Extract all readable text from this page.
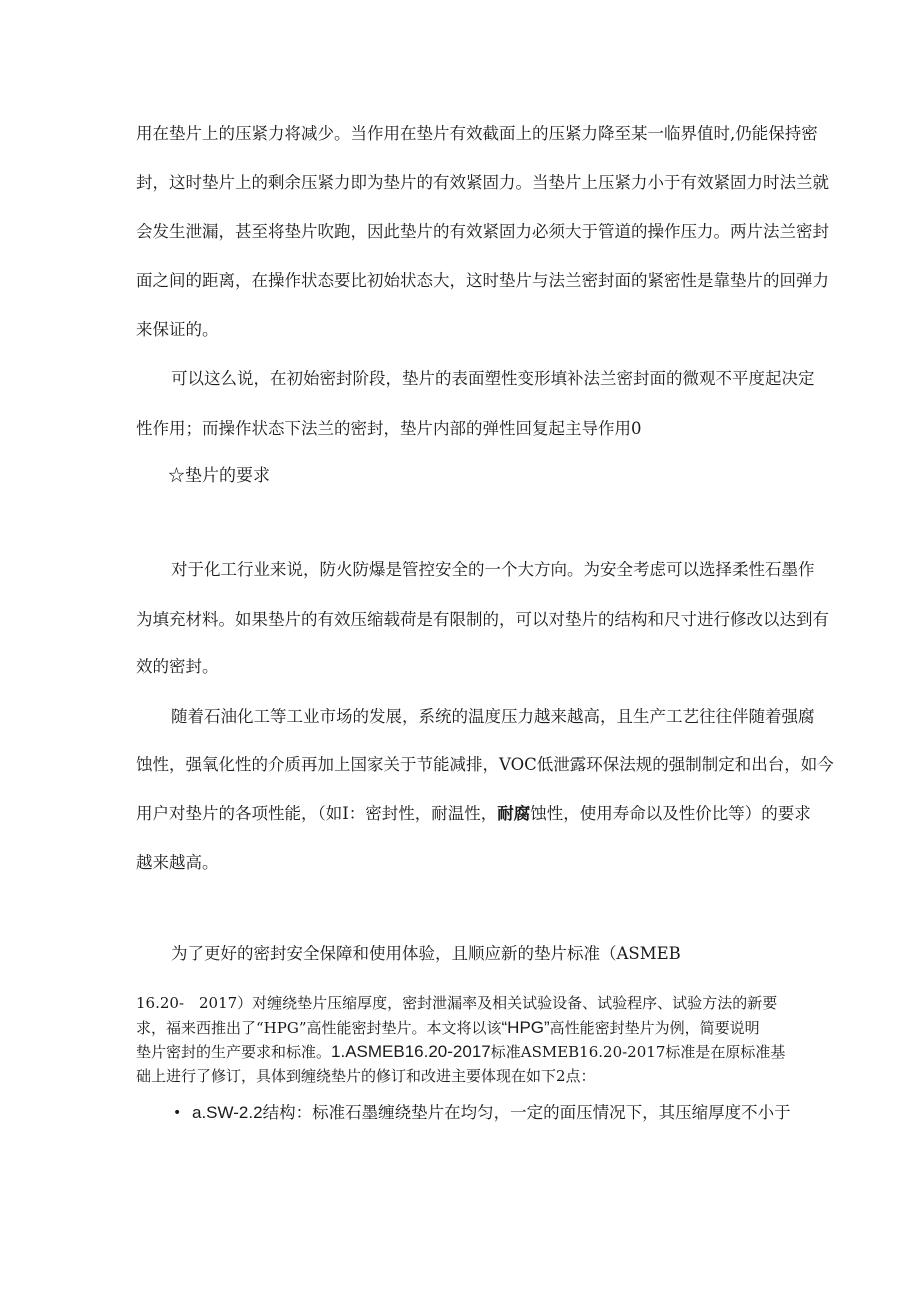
用在垫片上的压紧力将减少。当作用在垫片有效截面上的压紧力降至某一临界值时,仍能保持密

封，这时垫片上的剩余压紧力即为垫片的有效紧固力。当垫片上压紧力小于有效紧固力时法兰就

会发生泄漏，甚至将垫片吹跑，因此垫片的有效紧固力必须大于管道的操作压力。两片法兰密封

面之间的距离，在操作状态要比初始状态大，这时垫片与法兰密封面的紧密性是靠垫片的回弹力

来保证的。

可以这么说，在初始密封阶段，垫片的表面塑性变形填补法兰密封面的微观不平度起决定

性作用；而操作状态下法兰的密封，垫片内部的弹性回复起主导作用0

☆垫片的要求

对于化工行业来说，防火防爆是管控安全的一个大方向。为安全考虑可以选择柔性石墨作

为填充材料。如果垫片的有效压缩载荷是有限制的，可以对垫片的结构和尺寸进行修改以达到有

效的密封。

随着石油化工等工业市场的发展，系统的温度压力越来越高，且生产工艺往往伴随着强腐

蚀性，强氧化性的介质再加上国家关于节能减排，VOC低泄露环保法规的强制制定和出台，如今

用户对垫片的各项性能，（如I：密封性，耐温性，耐腐蚀性，使用寿命以及性价比等）的要求

越来越高。

为了更好的密封安全保障和使用体验，且顺应新的垫片标准（ASMEB

16.20-　2017）对缠绕垫片压缩厚度，密封泄漏率及相关试验设备、试验程序、试验方法的新要

求，福来西推出了“HPG”高性能密封垫片。本文将以该“HPG”高性能密封垫片为例，简要说明

垫片密封的生产要求和标准。1.ASMEB16.20-2017标准ASMEB16.20-2017标准是在原标准基

础上进行了修订，具体到缠绕垫片的修订和改进主要体现在如下2点：

• a.SW-2.2结构：标准石墨缠绕垫片在均匀，一定的面压情况下，其压缩厚度不小于
